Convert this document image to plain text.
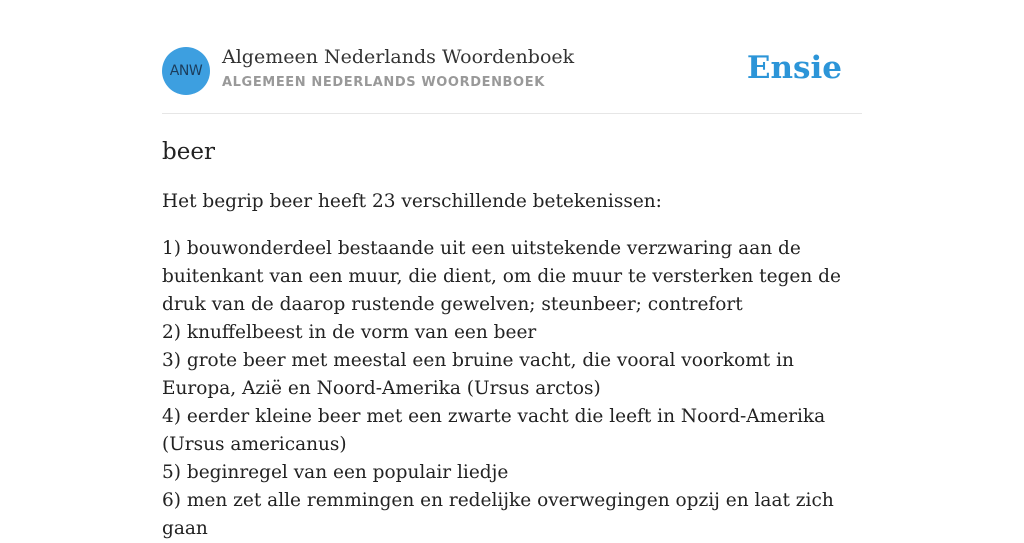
ANW
Algemeen Nederlands Woordenboek
ALGEMEEN NEDERLANDS WOORDENBOEK	Ensie
beer

Het begrip beer heeft 23 verschillende betekenissen:

1) bouwonderdeel bestaande uit een uitstekende verzwaring aan de buitenkant van een muur, die dient, om die muur te versterken tegen de druk van de daarop rustende gewelven; steunbeer; contrefort
2) knuffelbeest in de vorm van een beer
3) grote beer met meestal een bruine vacht, die vooral voorkomt in Europa, Azië en Noord-Amerika (Ursus arctos)
4) eerder kleine beer met een zwarte vacht die leeft in Noord-Amerika (Ursus americanus)
5) beginregel van een populair liedje
6) men zet alle remmingen en redelijke overwegingen opzij en laat zich gaan
